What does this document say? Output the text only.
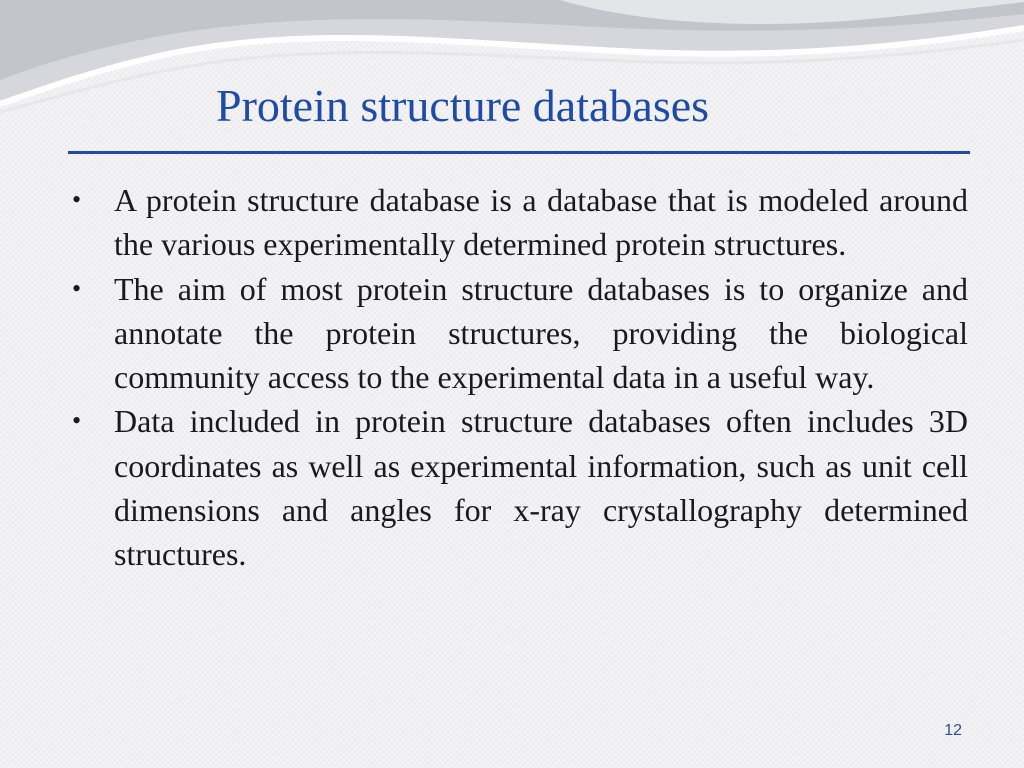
Protein structure databases
• A protein structure database is a database that is modeled around the various experimentally determined protein structures.
• The aim of most protein structure databases is to organize and annotate the protein structures, providing the biological community access to the experimental data in a useful way.
• Data included in protein structure databases often includes 3D coordinates as well as experimental information, such as unit cell dimensions and angles for x-ray crystallography determined structures.
12
